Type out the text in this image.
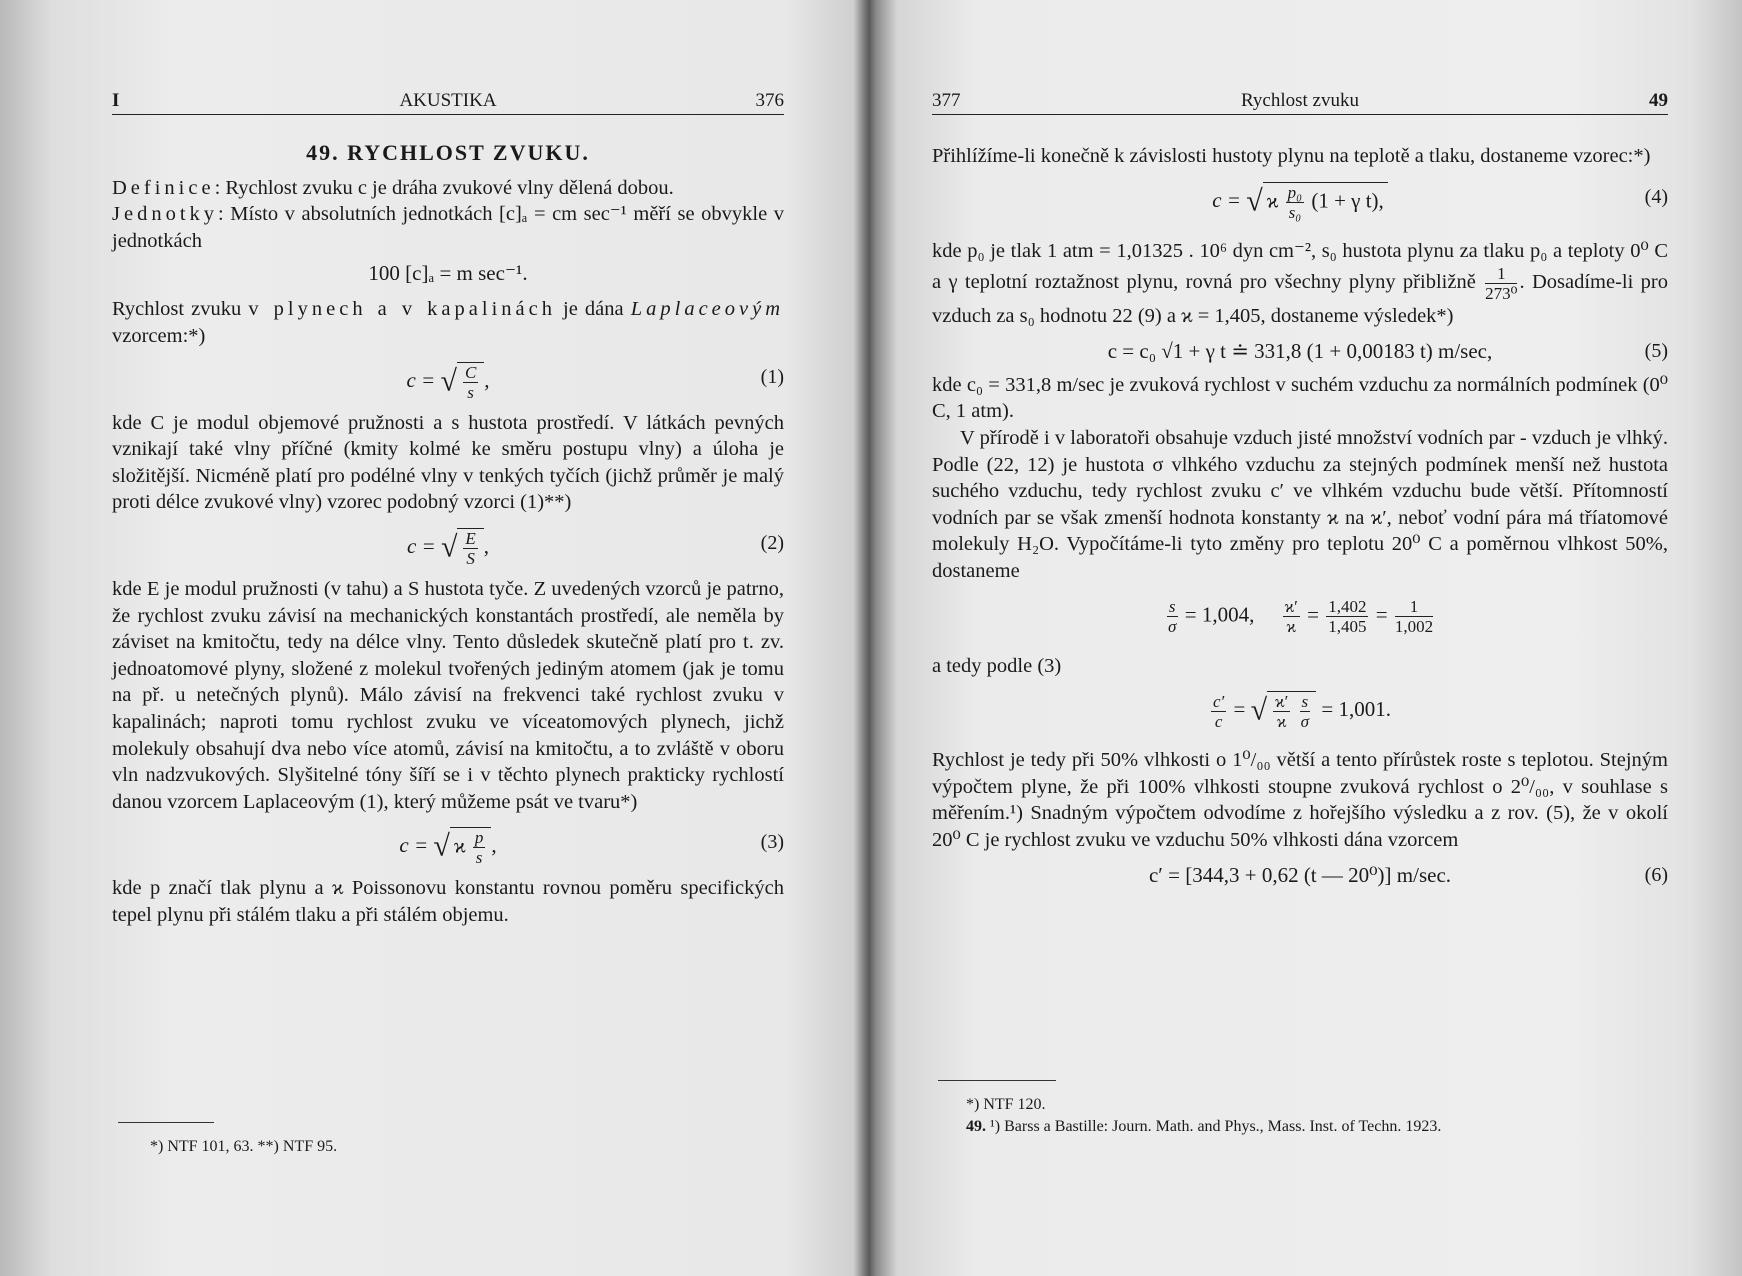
I	AKUSTIKA	376
49. RYCHLOST ZVUKU.

Definice: Rychlost zvuku c je dráha zvukové vlny dělená dobou.

Jednotky: Místo v absolutních jednotkách [c]ₐ = cm sec⁻¹ měří se obvykle v jednotkách

100 [c]ₐ = m sec⁻¹.

Rychlost zvuku v plynech a v kapalinách je dána Laplaceovým vzorcem:*)

c = √ $\frac{C}{s}$ ,	(1)

kde C je modul objemové pružnosti a s hustota prostředí. V látkách pevných vznikají také vlny příčné (kmity kolmé ke směru postupu vlny) a úloha je složitější. Nicméně platí pro podélné vlny v tenkých tyčích (jichž průměr je malý proti délce zvukové vlny) vzorec podobný vzorci (1)**)

c = √ $\frac{E}{S}$ ,	(2)

kde E je modul pružnosti (v tahu) a S hustota tyče. Z uvedených vzorců je patrno, že rychlost zvuku závisí na mechanických konstantách prostředí, ale neměla by záviset na kmitočtu, tedy na délce vlny. Tento důsledek skutečně platí pro t. zv. jednoatomové plyny, složené z molekul tvořených jediným atomem (jak je tomu na př. u netečných plynů). Málo závisí na frekvenci také rychlost zvuku v kapalinách; naproti tomu rychlost zvuku ve víceatomových plynech, jichž molekuly obsahují dva nebo více atomů, závisí na kmitočtu, a to zvláště v oboru vln nadzvukových. Slyšitelné tóny šíří se i v těchto plynech prakticky rychlostí danou vzorcem Laplaceovým (1), který můžeme psát ve tvaru*)

c = √ ϰ $\frac{p}{s}$ ,	(3)

kde p značí tlak plynu a ϰ Poissonovu konstantu rovnou poměru specifických tepel plynu při stálém tlaku a při stálém objemu.

*) NTF 101, 63. **) NTF 95.
377	Rychlost zvuku	49

Přihlížíme-li konečně k závislosti hustoty plynu na teplotě a tlaku, dostaneme vzorec:*)

c = √ ϰ $\frac{\text{p₀}}{\text{s₀}} (1 + \gamma$ t),	(4)

kde p₀ je tlak 1 atm = 1,01325 . 10⁶ dyn cm⁻², s₀ hustota plynu za tlaku p₀ a teploty 0⁰ C a γ teplotní roztažnost plynu, rovná pro všechny plyny přibližně $\frac{1}{\text{273⁰}}$ . Dosadíme-li pro vzduch za s₀ hodnotu 22 (9) a ϰ = 1,405, dostaneme výsledek*)

c = c₀ √1 + γ t ≐ 331,8 (1 + 0,00183 t) m/sec,	(5)

kde c₀ = 331,8 m/sec je zvuková rychlost v suchém vzduchu za normálních podmínek (0⁰ C, 1 atm).

V přírodě i v laboratoři obsahuje vzduch jisté množství vodních par - vzduch je vlhký. Podle (22, 12) je hustota σ vlhkého vzduchu za stejných podmínek menší než hustota suchého vzduchu, tedy rychlost zvuku c′ ve vlhkém vzduchu bude větší. Přítomností vodních par se však zmenší hodnota konstanty ϰ na ϰ′, neboť vodní pára má tříatomové molekuly H₂O. Vypočítáme-li tyto změny pro teplotu 20⁰ C a poměrnou vlhkost 50%, dostaneme

$\frac{s}{\sigma} = 1,004$, $\frac{ϰ'}{ϰ} = \frac{1,402}{1,405} = \frac{1}{1,002}$

a tedy podle (3)

$\frac{c'}{c}$ = √ $\frac{ϰ'}{ϰ}$
$\frac{s}{\sigma} = 1,001$.

Rychlost je tedy při 50% vlhkosti o 1⁰/₀₀ větší a tento přírůstek roste s teplotou. Stejným výpočtem plyne, že při 100% vlhkosti stoupne zvuková rychlost o 2⁰/₀₀, v souhlase s měřením.¹) Snadným výpočtem odvodíme z hořejšího výsledku a z rov. (5), že v okolí 20⁰ C je rychlost zvuku ve vzduchu 50% vlhkosti dána vzorcem

c′ = [344,3 + 0,62 (t — 20⁰)] m/sec.	(6)
*) NTF 120.
49. ¹) Barss a Bastille: Journ. Math. and Phys., Mass. Inst. of Techn. 1923.
